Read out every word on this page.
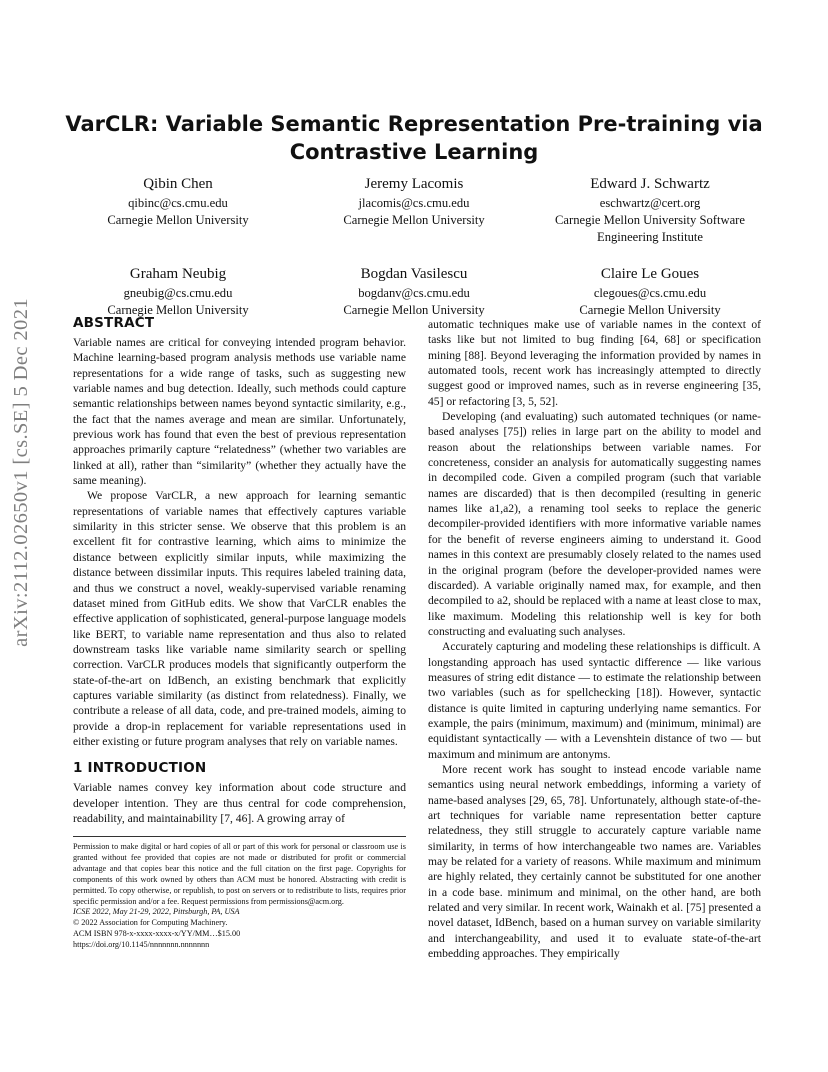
VarCLR: Variable Semantic Representation Pre-training via Contrastive Learning
Qibin Chen
qibinc@cs.cmu.edu
Carnegie Mellon University
Jeremy Lacomis
jlacomis@cs.cmu.edu
Carnegie Mellon University
Edward J. Schwartz
eschwartz@cert.org
Carnegie Mellon University Software Engineering Institute
Graham Neubig
gneubig@cs.cmu.edu
Carnegie Mellon University
Bogdan Vasilescu
bogdanv@cs.cmu.edu
Carnegie Mellon University
Claire Le Goues
clegoues@cs.cmu.edu
Carnegie Mellon University
arXiv:2112.02650v1 [cs.SE] 5 Dec 2021	ABSTRACT

Variable names are critical for conveying intended program behavior. Machine learning-based program analysis methods use variable name representations for a wide range of tasks, such as suggesting new variable names and bug detection. Ideally, such methods could capture semantic relationships between names beyond syntactic similarity, e.g., the fact that the names average and mean are similar. Unfortunately, previous work has found that even the best of previous representation approaches primarily capture “relatedness” (whether two variables are linked at all), rather than “similarity” (whether they actually have the same meaning).

We propose VarCLR, a new approach for learning semantic representations of variable names that effectively captures variable similarity in this stricter sense. We observe that this problem is an excellent fit for contrastive learning, which aims to minimize the distance between explicitly similar inputs, while maximizing the distance between dissimilar inputs. This requires labeled training data, and thus we construct a novel, weakly-supervised variable renaming dataset mined from GitHub edits. We show that VarCLR enables the effective application of sophisticated, general-purpose language models like BERT, to variable name representation and thus also to related downstream tasks like variable name similarity search or spelling correction. VarCLR produces models that significantly outperform the state-of-the-art on IdBench, an existing benchmark that explicitly captures variable similarity (as distinct from relatedness). Finally, we contribute a release of all data, code, and pre-trained models, aiming to provide a drop-in replacement for variable representations used in either existing or future program analyses that rely on variable names.

1 INTRODUCTION

Variable names convey key information about code structure and developer intention. They are thus central for code comprehension, readability, and maintainability [7, 46]. A growing array of

automatic techniques make use of variable names in the context of tasks like but not limited to bug finding [64, 68] or specification mining [88]. Beyond leveraging the information provided by names in automated tools, recent work has increasingly attempted to directly suggest good or improved names, such as in reverse engineering [35, 45] or refactoring [3, 5, 52].

Developing (and evaluating) such automated techniques (or name-based analyses [75]) relies in large part on the ability to model and reason about the relationships between variable names. For concreteness, consider an analysis for automatically suggesting names in decompiled code. Given a compiled program (such that variable names are discarded) that is then decompiled (resulting in generic names like a1,a2), a renaming tool seeks to replace the generic decompiler-provided identifiers with more informative variable names for the benefit of reverse engineers aiming to understand it. Good names in this context are presumably closely related to the names used in the original program (before the developer-provided names were discarded). A variable originally named max, for example, and then decompiled to a2, should be replaced with a name at least close to max, like maximum. Modeling this relationship well is key for both constructing and evaluating such analyses.

Accurately capturing and modeling these relationships is difficult. A longstanding approach has used syntactic difference — like various measures of string edit distance — to estimate the relationship between two variables (such as for spellchecking [18]). However, syntactic distance is quite limited in capturing underlying name semantics. For example, the pairs (minimum, maximum) and (minimum, minimal) are equidistant syntactically — with a Levenshtein distance of two — but maximum and minimum are antonyms.

More recent work has sought to instead encode variable name semantics using neural network embeddings, informing a variety of name-based analyses [29, 65, 78]. Unfortunately, although state-of-the-art techniques for variable name representation better capture relatedness, they still struggle to accurately capture variable name similarity, in terms of how interchangeable two names are. Variables may be related for a variety of reasons. While maximum and minimum are highly related, they certainly cannot be substituted for one another in a code base. minimum and minimal, on the other hand, are both related and very similar. In recent work, Wainakh et al. [75] presented a novel dataset, IdBench, based on a human survey on variable similarity and interchangeability, and used it to evaluate state-of-the-art embedding approaches. They empirically

Permission to make digital or hard copies of all or part of this work for personal or classroom use is granted without fee provided that copies are not made or distributed for profit or commercial advantage and that copies bear this notice and the full citation on the first page. Copyrights for components of this work owned by others than ACM must be honored. Abstracting with credit is permitted. To copy otherwise, or republish, to post on servers or to redistribute to lists, requires prior specific permission and/or a fee. Request permissions from permissions@acm.org.

ICSE 2022, May 21-29, 2022, Pittsburgh, PA, USA

© 2022 Association for Computing Machinery.

ACM ISBN 978-x-xxxx-xxxx-x/YY/MM…$15.00

https://doi.org/10.1145/nnnnnnn.nnnnnnn
